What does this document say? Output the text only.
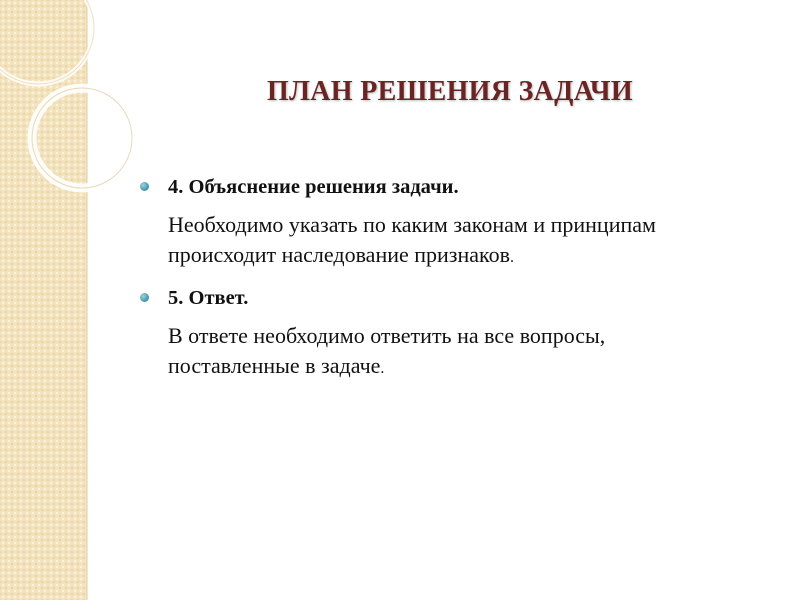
ПЛАН РЕШЕНИЯ ЗАДАЧИ
4. Объяснение решения задачи.
Необходимо указать по каким законам и принципам
происходит наследование признаков.
5. Ответ.
В ответе необходимо ответить на все вопросы,
поставленные в задаче.
